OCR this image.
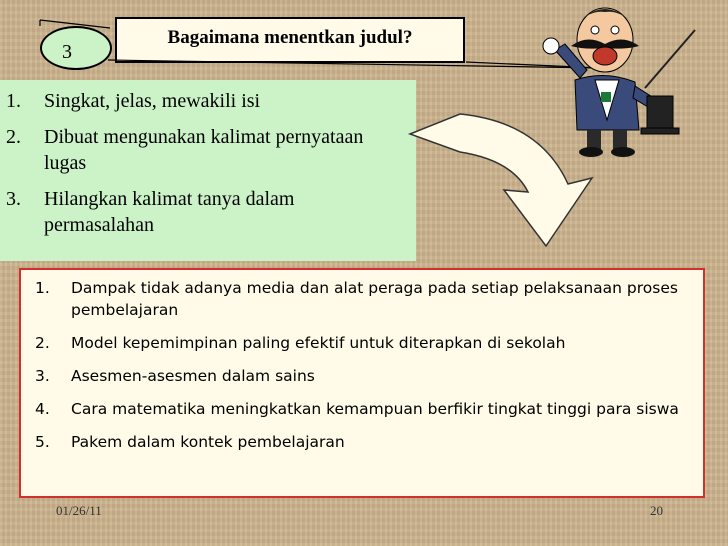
3
Bagaimana menentkan judul?
1. Singkat, jelas, mewakili isi
2. Dibuat mengunakan kalimat pernyataan lugas
3. Hilangkan kalimat tanya dalam permasalahan
1. Dampak tidak adanya media dan alat peraga pada setiap pelaksanaan proses pembelajaran
2. Model kepemimpinan paling efektif untuk diterapkan di sekolah
3. Asesmen-asesmen dalam sains
4. Cara matematika meningkatkan kemampuan berfikir tingkat tinggi para siswa
5. Pakem dalam kontek pembelajaran
01/26/11	20
